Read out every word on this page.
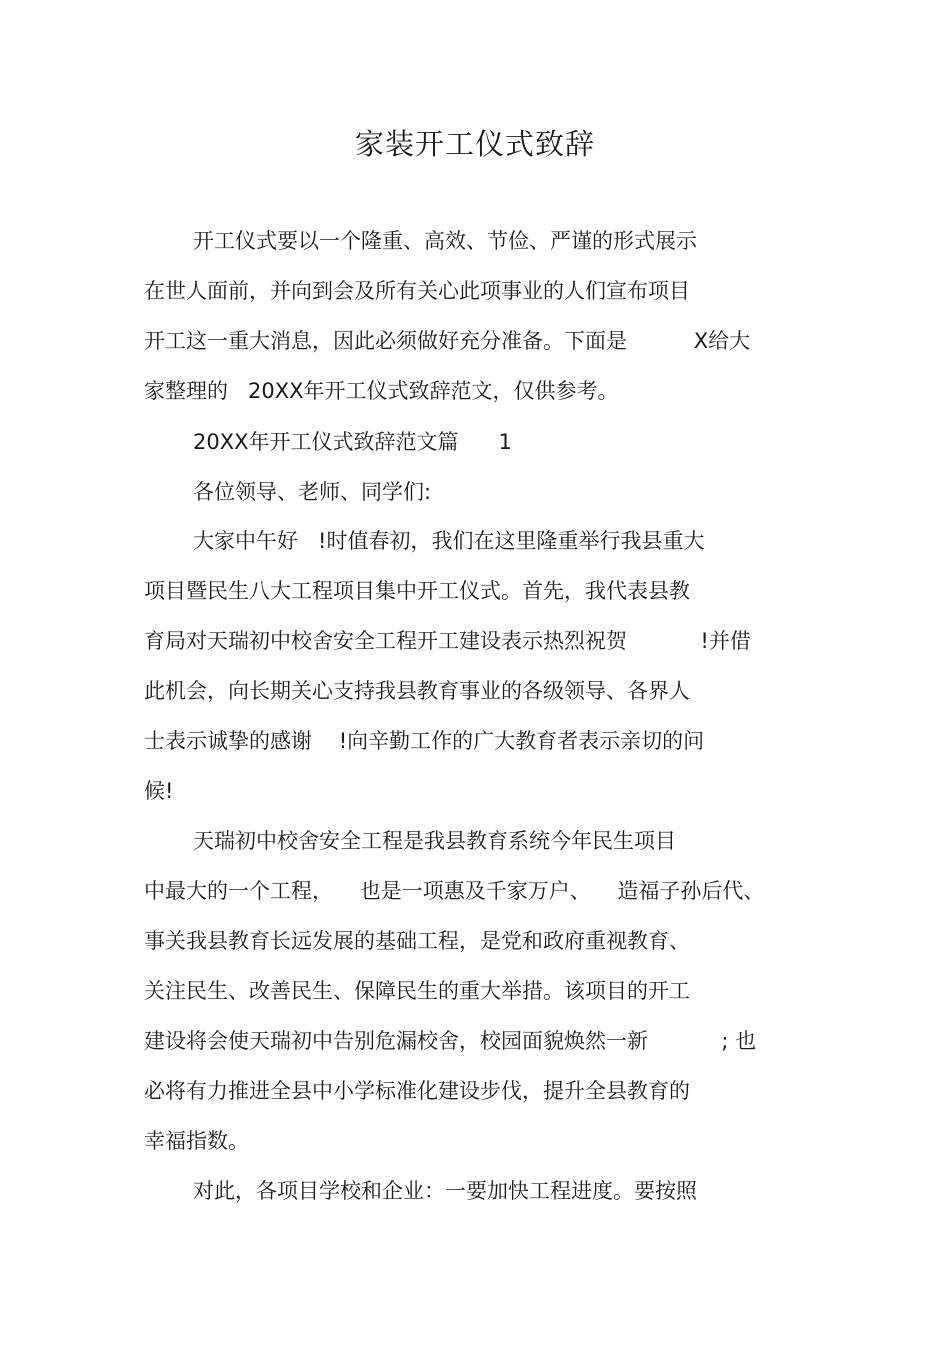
家装开工仪式致辞
开工仪式要以一个隆重、高效、节俭、严谨的形式展示
在世人面前，并向到会及所有关心此项事业的人们宣布项目
开工这一重大消息，因此必须做好充分准备。下面是          X给大
家整理的   20XX年开工仪式致辞范文，仅供参考。
20XX年开工仪式致辞范文篇      1
各位领导、老师、同学们:
大家中午好   !时值春初，我们在这里隆重举行我县重大
项目暨民生八大工程项目集中开工仪式。首先，我代表县教
育局对天瑞初中校舍安全工程开工建设表示热烈祝贺           !并借
此机会，向长期关心支持我县教育事业的各级领导、各界人
士表示诚挚的感谢    !向辛勤工作的广大教育者表示亲切的问
候!
天瑞初中校舍安全工程是我县教育系统今年民生项目
中最大的一个工程，    也是一项惠及千家万户、    造福子孙后代、
事关我县教育长远发展的基础工程，是党和政府重视教育、
关注民生、改善民生、保障民生的重大举措。该项目的开工
建设将会使天瑞初中告别危漏校舍，校园面貌焕然一新           ; 也
必将有力推进全县中小学标准化建设步伐，提升全县教育的
幸福指数。
对此，各项目学校和企业：一要加快工程进度。要按照
